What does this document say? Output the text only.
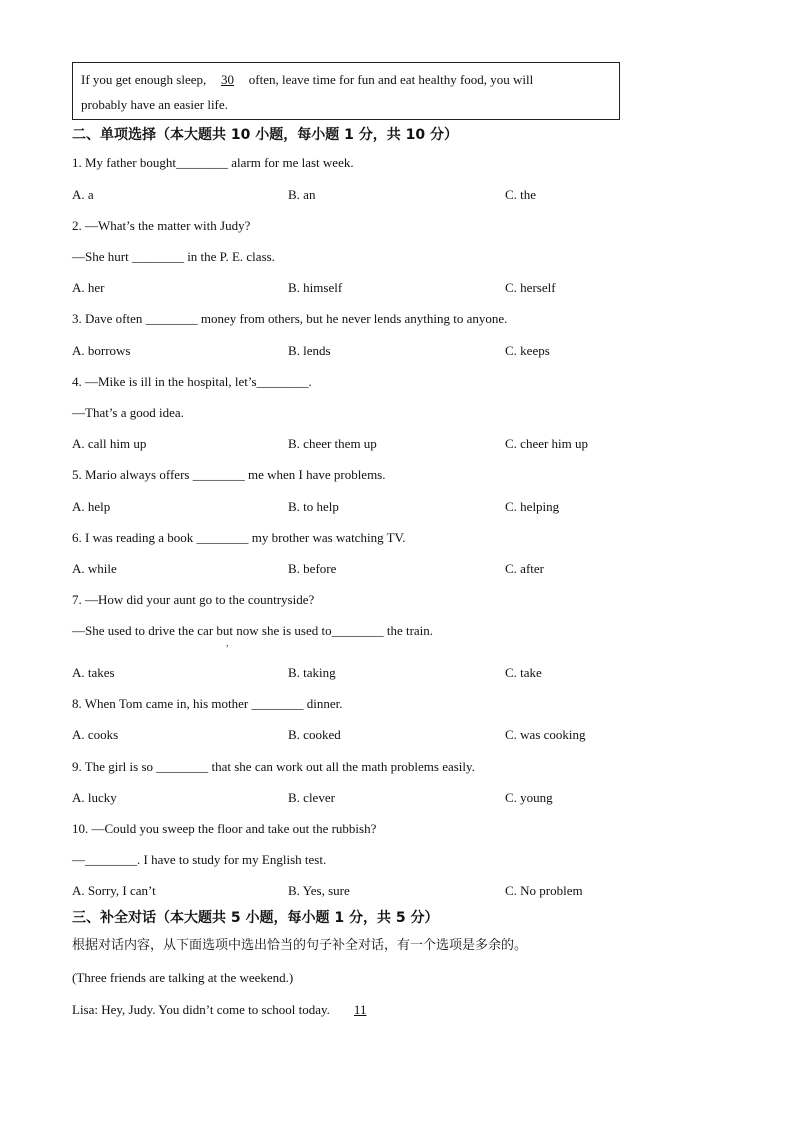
If you get enough sleep, 30 often, leave time for fun and eat healthy food, you will
probably have an easier life.
二、单项选择（本大题共 10 小题，每小题 1 分，共 10 分）
1. My father bought________ alarm for me last week.
A. a	B. an	C. the
2. —What’s the matter with Judy?
—She hurt ________ in the P. E. class.
A. her	B. himself	C. herself
3. Dave often ________ money from others, but he never lends anything to anyone.
A. borrows	B. lends	C. keeps
4. —Mike is ill in the hospital, let’s________.
—That’s a good idea.
A. call him up	B. cheer them up	C. cheer him up
5. Mario always offers ________ me when I have problems.
A. help	B. to help	C. helping
6. I was reading a book ________ my brother was watching TV.
A. while	B. before	C. after
7. —How did your aunt go to the countryside?
—She used to drive the car but now she is used to________ the train.
,
A. takes	B. taking	C. take
8. When Tom came in, his mother ________ dinner.
A. cooks	B. cooked	C. was cooking
9. The girl is so ________ that she can work out all the math problems easily.
A. lucky	B. clever	C. young
10. —Could you sweep the floor and take out the rubbish?
—________. I have to study for my English test.
A. Sorry, I can’t	B. Yes, sure	C. No problem
三、补全对话（本大题共 5 小题，每小题 1 分，共 5 分）
根据对话内容，从下面选项中选出恰当的句子补全对话，有一个选项是多余的。
(Three friends are talking at the weekend.)
Lisa: Hey, Judy. You didn’t come to school today. 11
